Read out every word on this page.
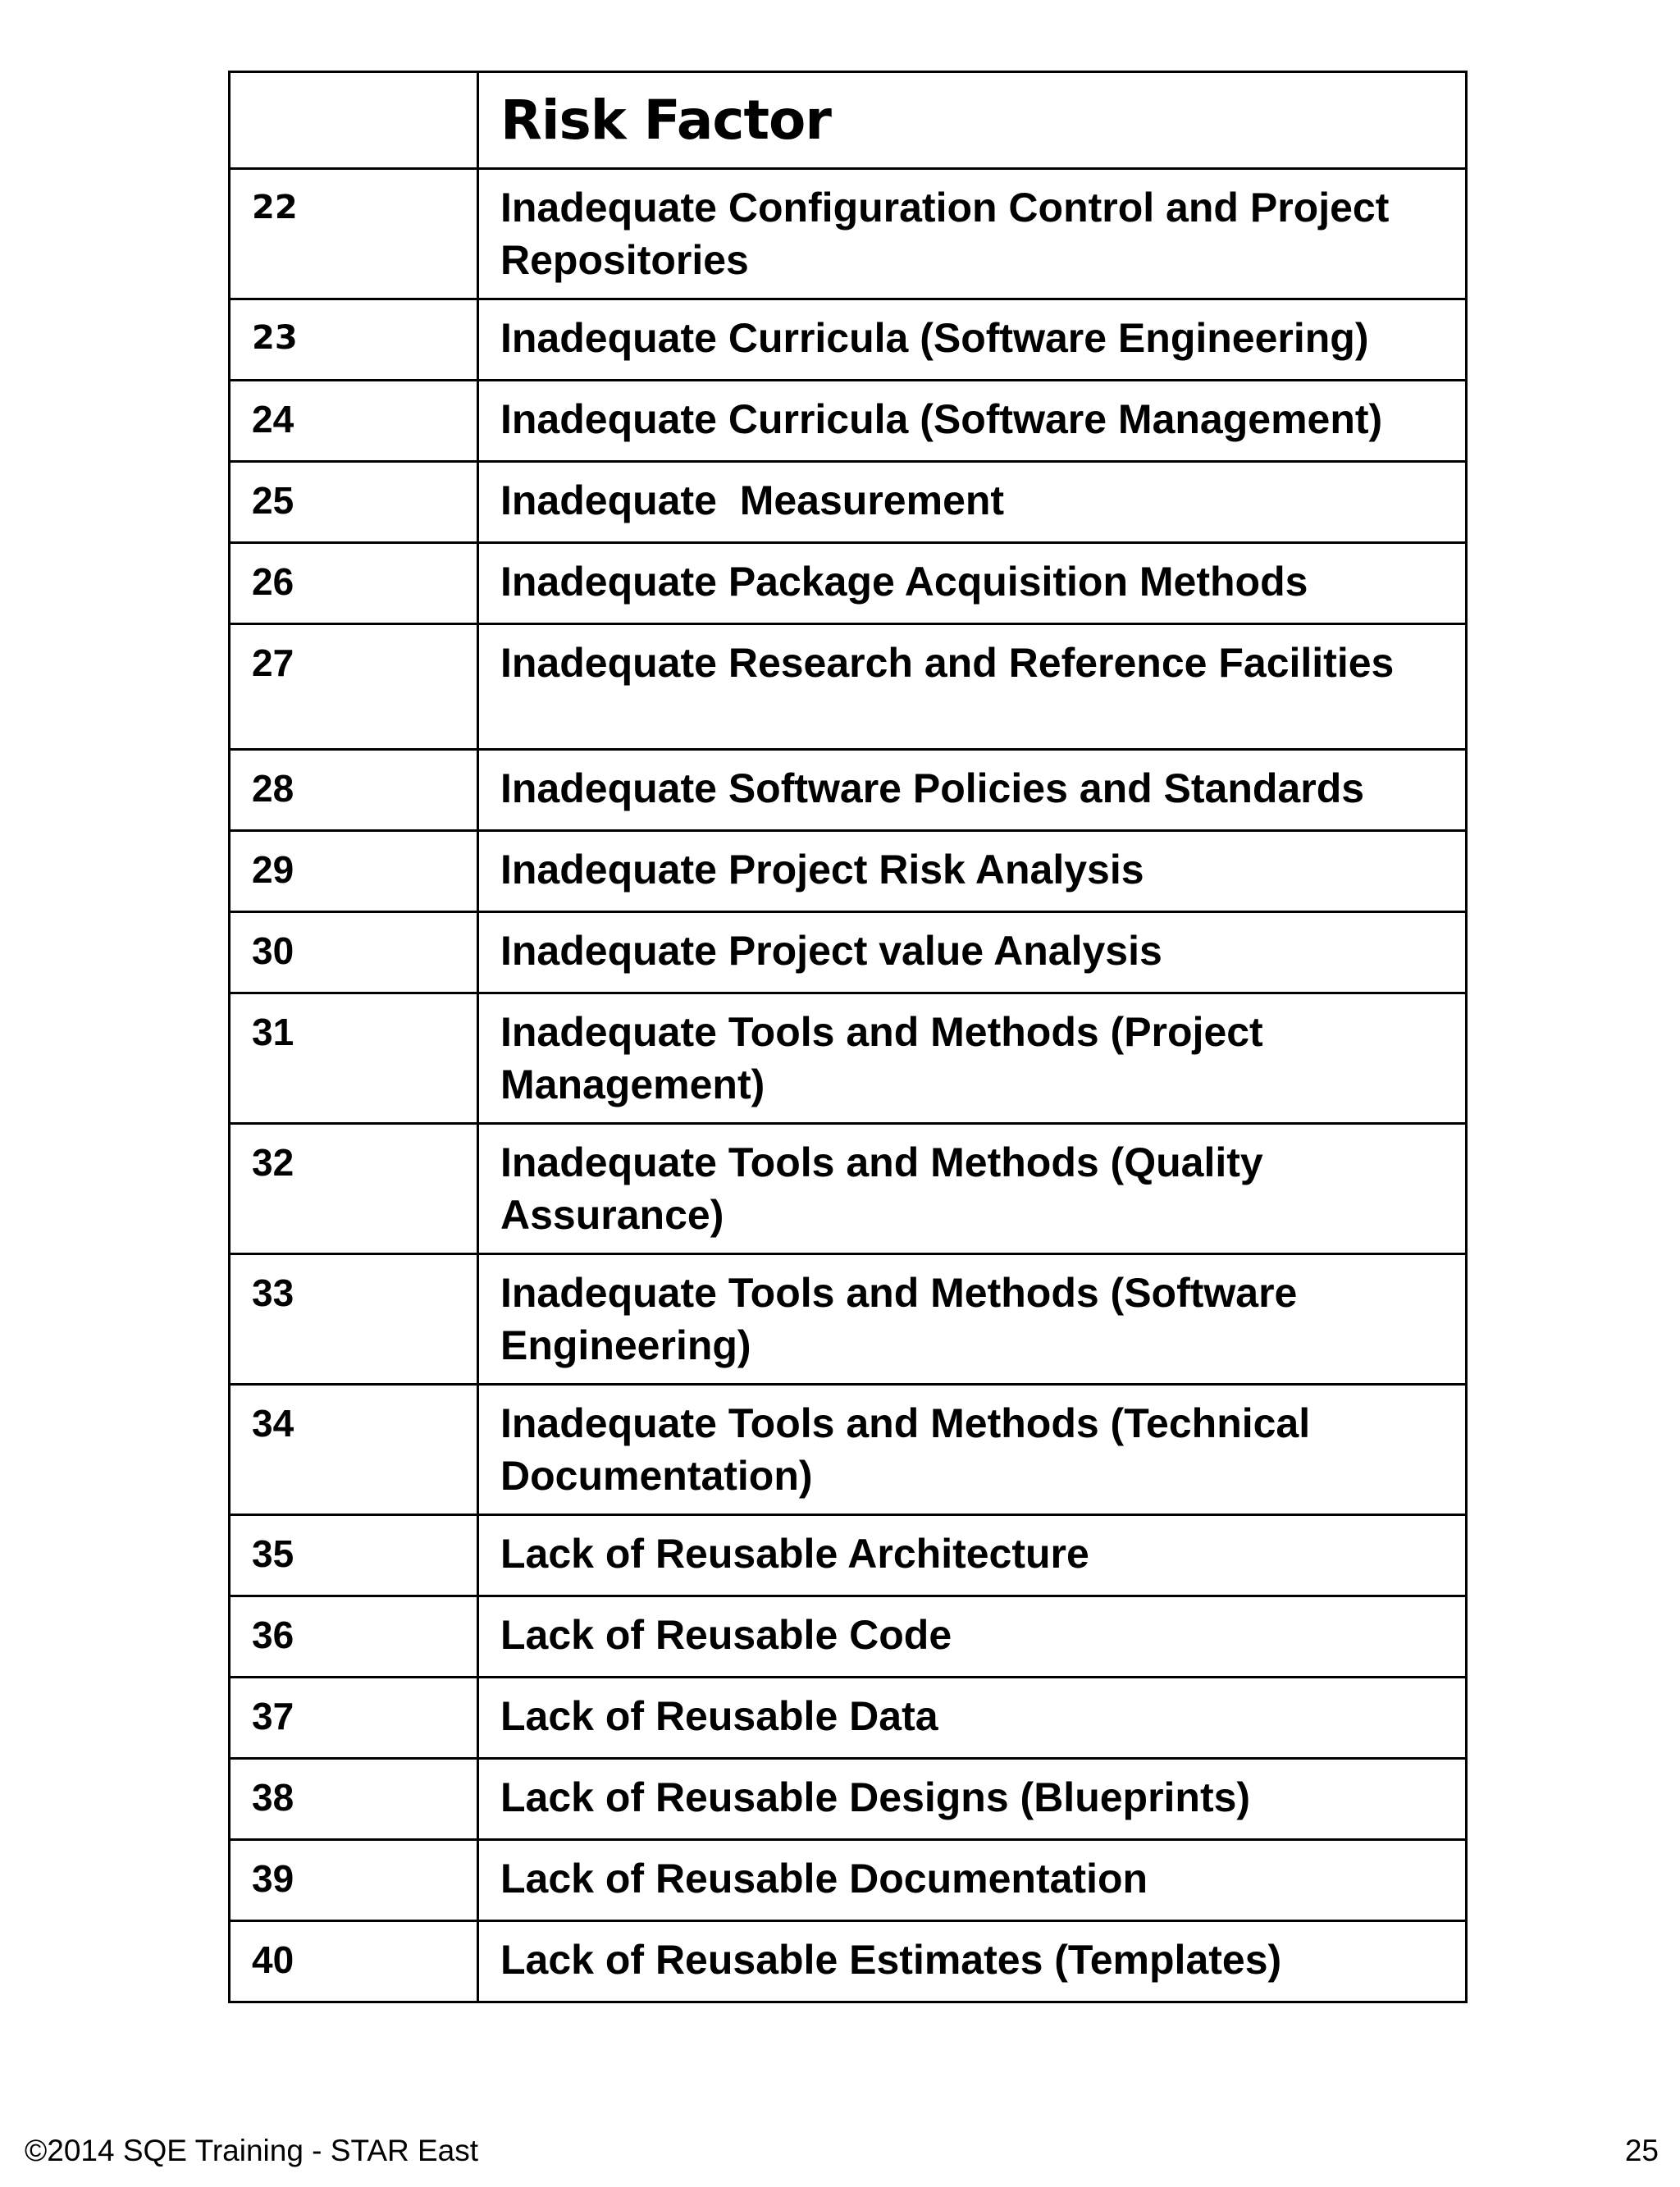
	Risk Factor
22	Inadequate Configuration Control and Project Repositories
23	Inadequate Curricula (Software Engineering)
24	Inadequate Curricula (Software Management)
25	Inadequate  Measurement
26	Inadequate Package Acquisition Methods
27	Inadequate Research and Reference Facilities
28	Inadequate Software Policies and Standards
29	Inadequate Project Risk Analysis
30	Inadequate Project value Analysis
31	Inadequate Tools and Methods (Project Management)
32	Inadequate Tools and Methods (Quality Assurance)
33	Inadequate Tools and Methods (Software Engineering)
34	Inadequate Tools and Methods (Technical Documentation)
35	Lack of Reusable Architecture
36	Lack of Reusable Code
37	Lack of Reusable Data
38	Lack of Reusable Designs (Blueprints)
39	Lack of Reusable Documentation
40	Lack of Reusable Estimates (Templates)
©2014 SQE Training - STAR East	25
